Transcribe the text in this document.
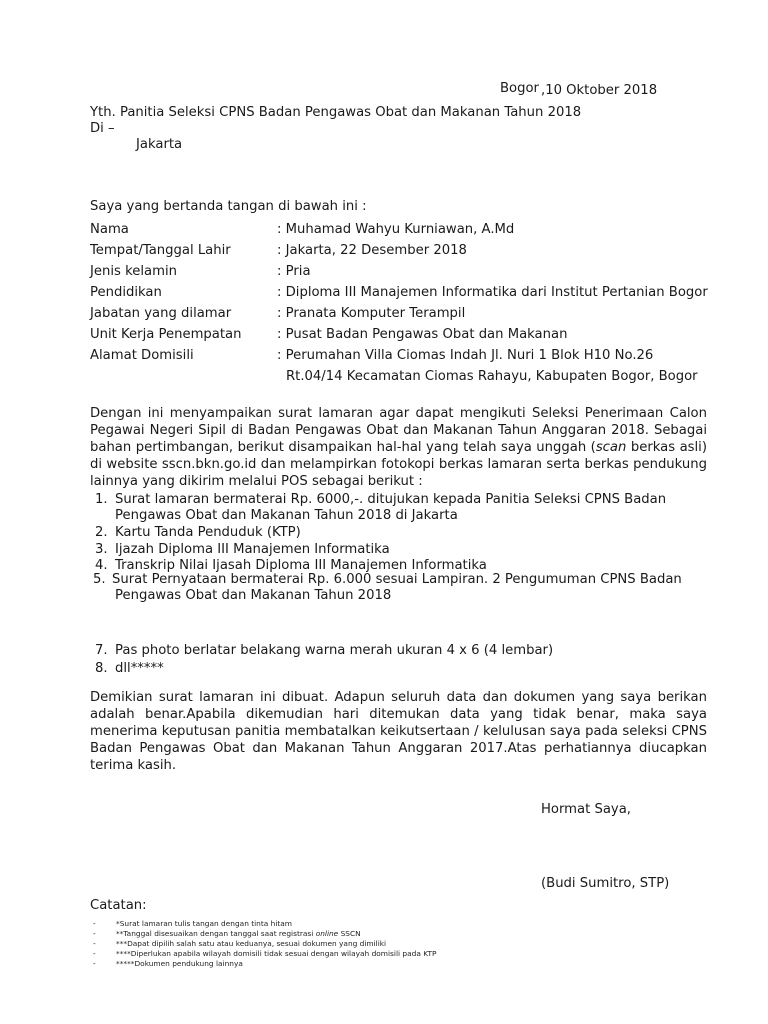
Bogor ,10 Oktober 2018
Yth. Panitia Seleksi CPNS Badan Pengawas Obat dan Makanan Tahun 2018
Di –
Jakarta
Saya yang bertanda tangan di bawah ini :
Nama	: Muhamad Wahyu Kurniawan, A.Md
Tempat/Tanggal Lahir	: Jakarta, 22 Desember 2018
Jenis kelamin	: Pria
Pendidikan	: Diploma III Manajemen Informatika dari Institut Pertanian Bogor
Jabatan yang dilamar	: Pranata Komputer Terampil
Unit Kerja Penempatan	: Pusat Badan Pengawas Obat dan Makanan
Alamat Domisili	: Perumahan Villa Ciomas Indah Jl. Nuri 1 Blok H10 No.26
Rt.04/14 Kecamatan Ciomas Rahayu, Kabupaten Bogor, Bogor
Dengan ini menyampaikan surat lamaran agar dapat mengikuti Seleksi Penerimaan Calon Pegawai Negeri Sipil di Badan Pengawas Obat dan Makanan Tahun Anggaran 2018. Sebagai bahan pertimbangan, berikut disampaikan hal-hal yang telah saya unggah (scan berkas asli) di website sscn.bkn.go.id dan melampirkan fotokopi berkas lamaran serta berkas pendukung lainnya yang dikirim melalui POS sebagai berikut :
1. Surat lamaran bermaterai Rp. 6000,-. ditujukan kepada Panitia Seleksi CPNS Badan
Pengawas Obat dan Makanan Tahun 2018 di Jakarta
2. Kartu Tanda Penduduk (KTP)
3. Ijazah Diploma III Manajemen Informatika
4. Transkrip Nilai Ijasah Diploma III Manajemen Informatika
5. Surat Pernyataan bermaterai Rp. 6.000 sesuai Lampiran. 2 Pengumuman CPNS Badan
Pengawas Obat dan Makanan Tahun 2018
7. Pas photo berlatar belakang warna merah ukuran 4 x 6 (4 lembar)
8. dll*****
Demikian surat lamaran ini dibuat. Adapun seluruh data dan dokumen yang saya berikan adalah benar.Apabila dikemudian hari ditemukan data yang tidak benar, maka saya menerima keputusan panitia membatalkan keikutsertaan / kelulusan saya pada seleksi CPNS Badan Pengawas Obat dan Makanan Tahun Anggaran 2017.Atas perhatiannya diucapkan terima kasih.
Hormat Saya,
(Budi Sumitro, STP)
Catatan:
-	*Surat lamaran tulis tangan dengan tinta hitam
-	**Tanggal disesuaikan dengan tanggal saat registrasi online SSCN
-	***Dapat dipilih salah satu atau keduanya, sesuai dokumen yang dimiliki
-	****Diperlukan apabila wilayah domisili tidak sesuai dengan wilayah domisili pada KTP
-	*****Dokumen pendukung lainnya
